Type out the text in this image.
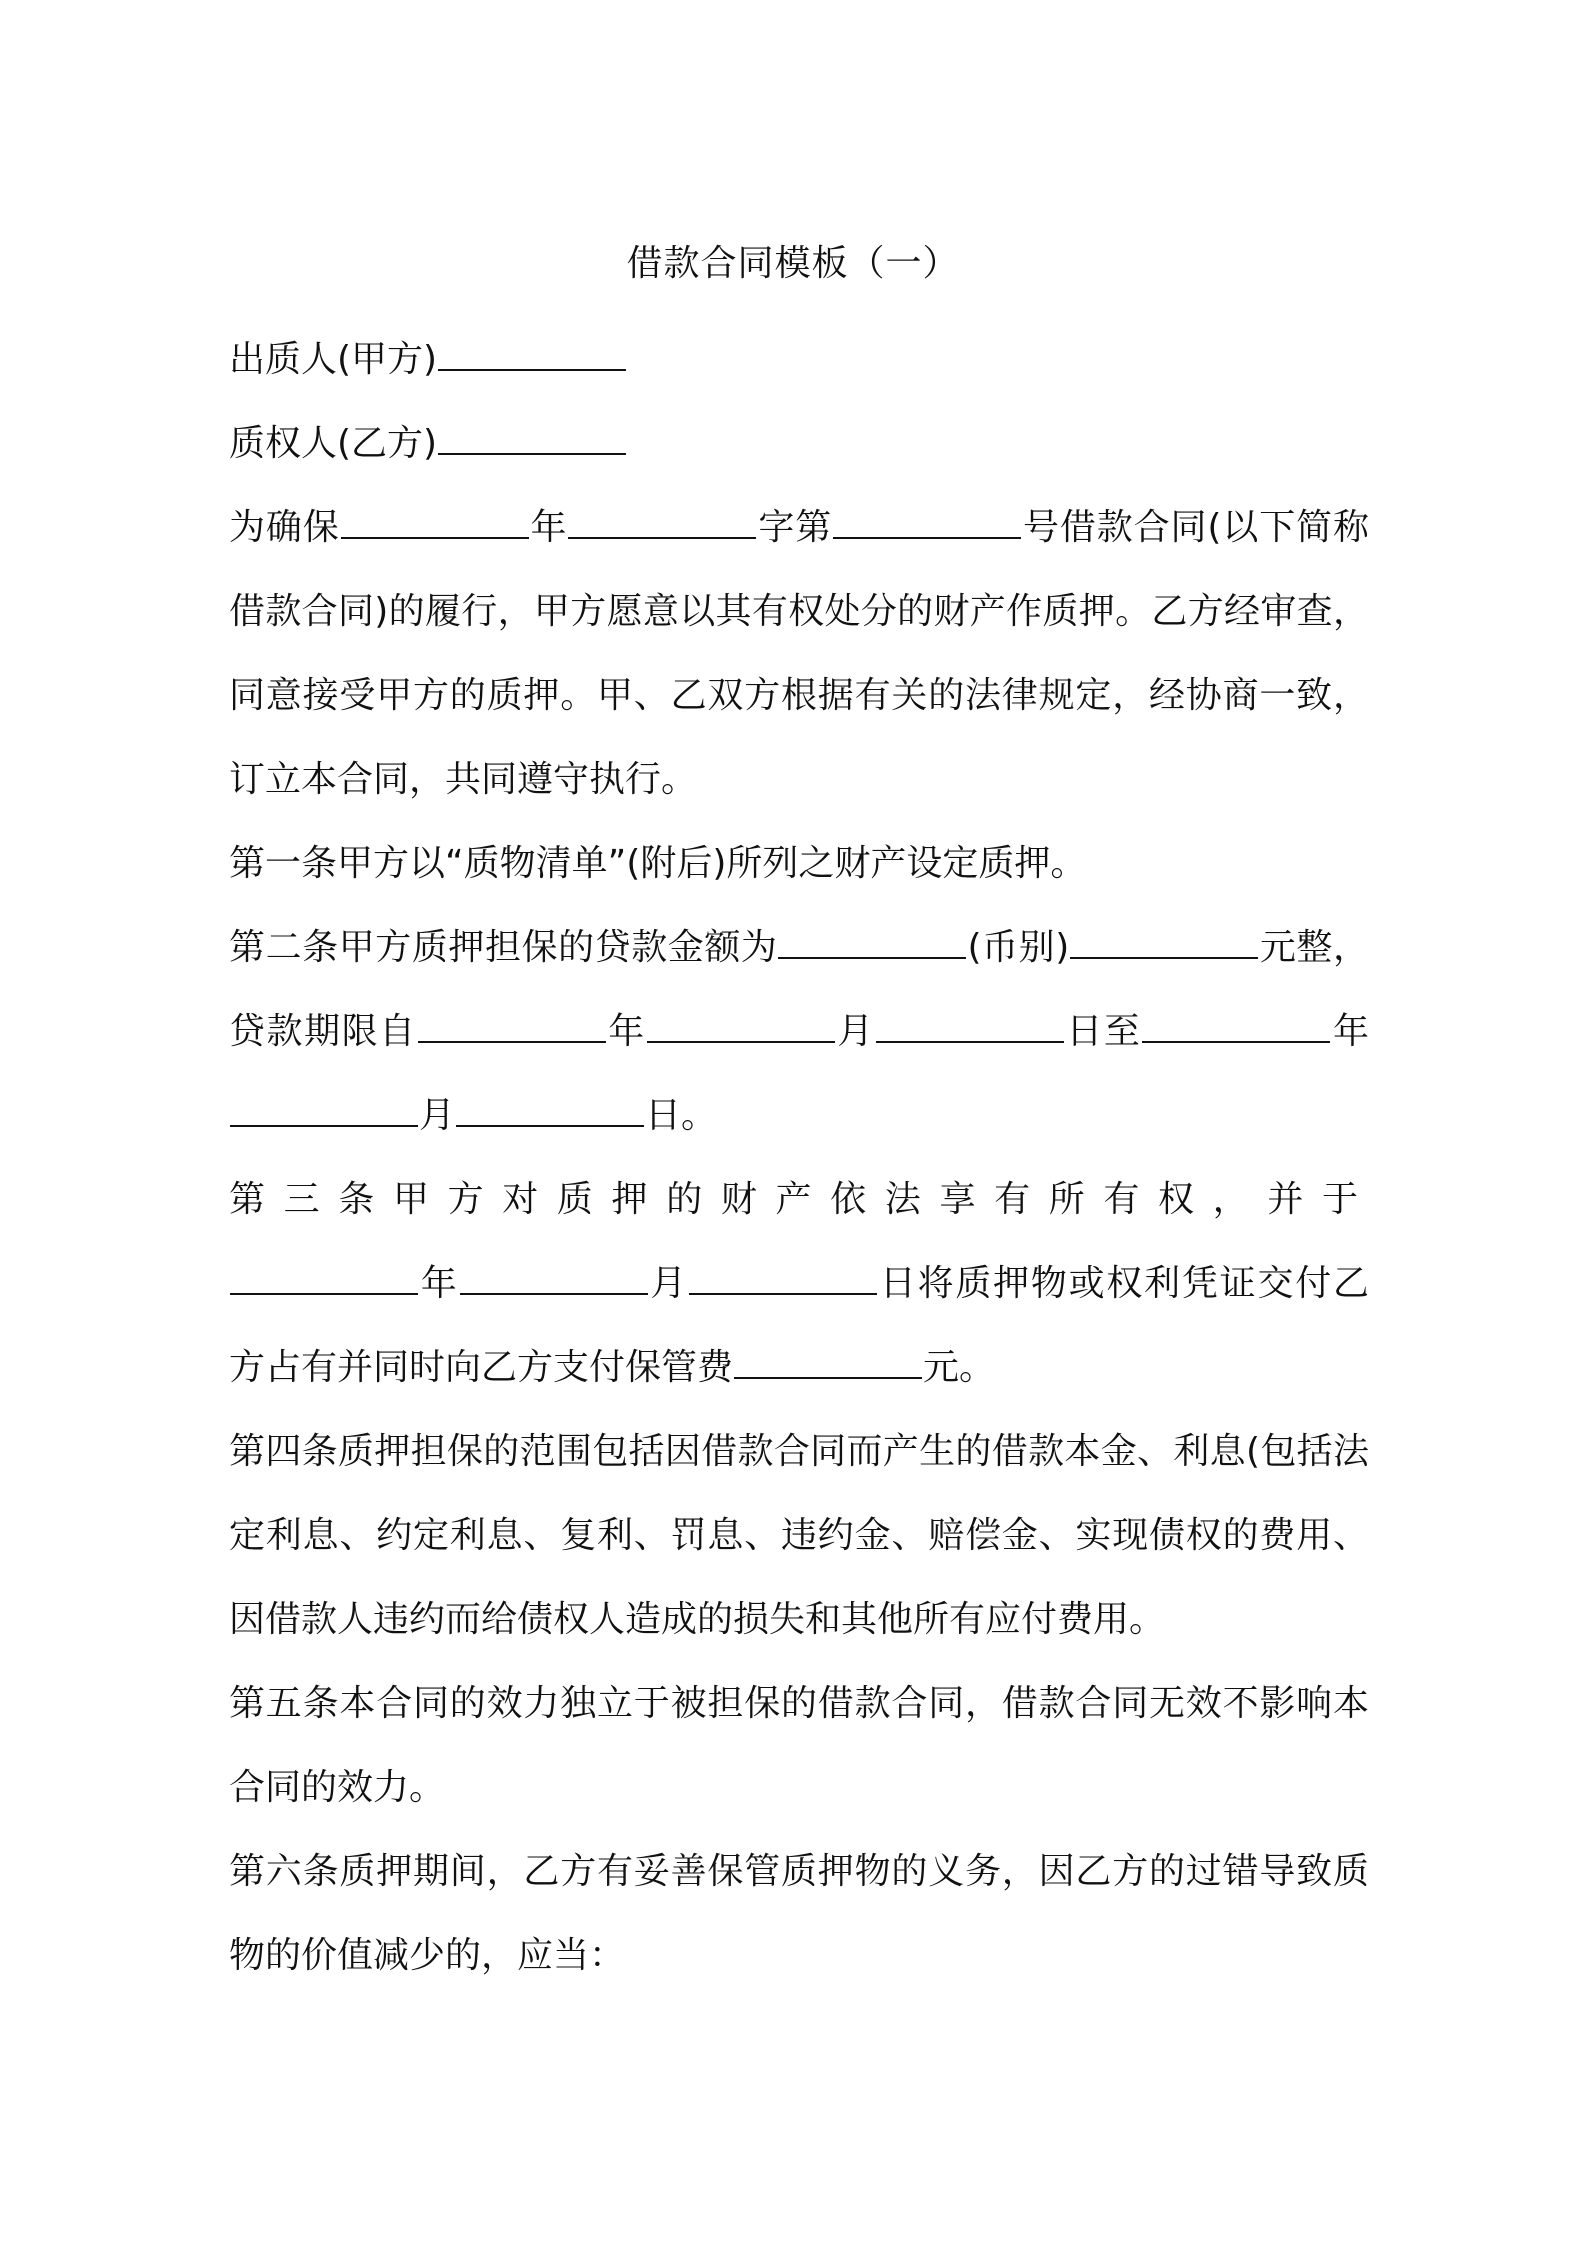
借款合同模板（一）

出质人(甲方)

质权人(乙方)

为确保	年	字第	号借款合同(以下简称借款合同)的履行，甲方愿意以其有权处分的财产作质押。乙方经审查，同意接受甲方的质押。甲、乙双方根据有关的法律规定，经协商一致，订立本合同，共同遵守执行。

第一条甲方以“质物清单”(附后)所列之财产设定质押。

第二条甲方质押担保的贷款金额为	(币别)	元整，贷款期限自	年	月	日至	年月	日。

第三条甲方对质押的财产依法享有所有权，并于年	月	日将质押物或权利凭证交付乙方占有并同时向乙方支付保管费	元。

第四条质押担保的范围包括因借款合同而产生的借款本金、利息(包括法定利息、约定利息、复利、罚息、违约金、赔偿金、实现债权的费用、因借款人违约而给债权人造成的损失和其他所有应付费用。

第五条本合同的效力独立于被担保的借款合同，借款合同无效不影响本合同的效力。

第六条质押期间，乙方有妥善保管质押物的义务，因乙方的过错导致质物的价值减少的，应当：
